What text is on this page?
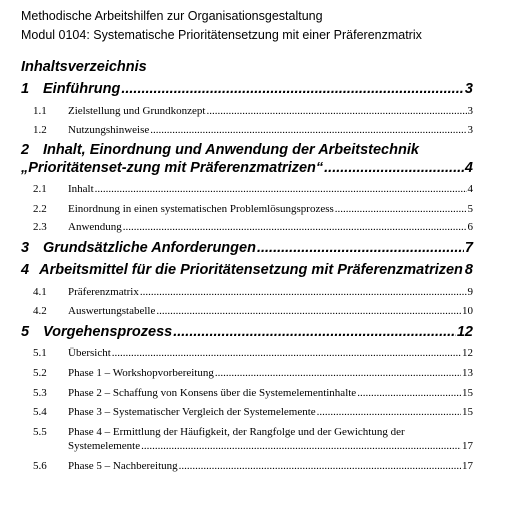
Methodische Arbeitshilfen zur Organisationsgestaltung
Modul 0104: Systematische Prioritätensetzung mit einer Präferenzmatrix
Inhaltsverzeichnis
1 Einführung .....	3
1.1	Zielstellung und Grundkonzept .....	3
1.2	Nutzungshinweise .....	3
2 Inhalt, Einordnung und Anwendung der Arbeitstechnik
„Prioritätenset-zung mit Präferenzmatrizen“ .....	4
2.1	Inhalt .....	4
2.2	Einordnung in einen systematischen Problemlösungsprozess .....	5
2.3	Anwendung .....	6
3 Grundsätzliche Anforderungen .....	7
4 Arbeitsmittel für die Prioritätensetzung mit Präferenzmatrizen 8
4.1	Präferenzmatrix .....	9
4.2	Auswertungstabelle .....	10
5 Vorgehensprozess .....	12
5.1	Übersicht .....	12
5.2	Phase 1 – Workshopvorbereitung .....	13
5.3	Phase 2 – Schaffung von Konsens über die Systemelementinhalte .....	15
5.4	Phase 3 – Systematischer Vergleich der Systemelemente .....	15
5.5 Phase 4 – Ermittlung der Häufigkeit, der Rangfolge und der Gewichtung der
Systemelemente .....	17
5.6	Phase 5 – Nachbereitung .....	17
